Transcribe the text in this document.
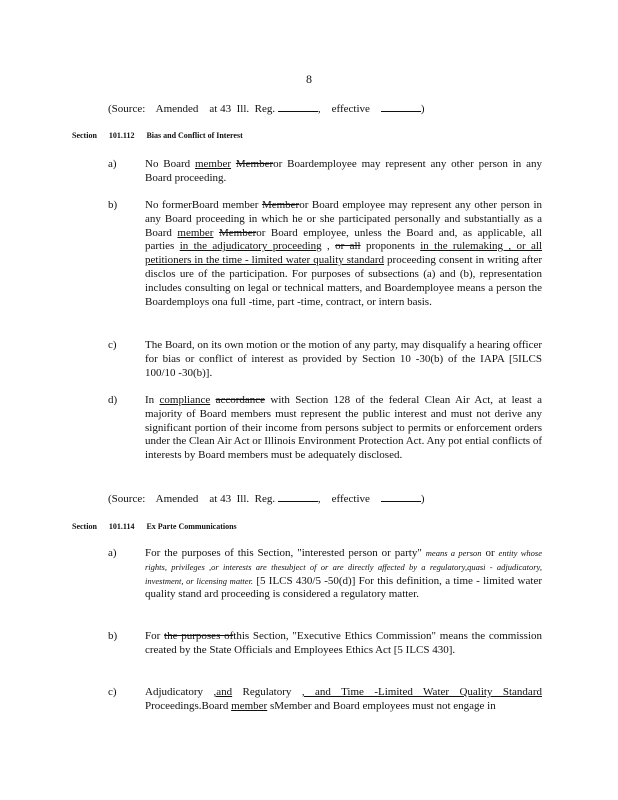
8
(Source:    Amended    at 43  Ill.  Reg.	, effective	)
Section 101.112 Bias and Conflict of Interest
a)	No Board member Memberor Boardemployee may represent any other person in any Board proceeding.
b)	No formerBoard member Memberor Board employee may represent any other person in any Board proceeding in which he or she participated personally and substantially as a Board member Memberor Board employee, unless the Board and, as applicable, all parties in the adjudicatory proceeding , or all proponents in the rulemaking , or all petitioners in the time - limited water quality standard proceeding consent in writing after disclos ure of the participation. For purposes of subsections (a) and (b), representation includes consulting on legal or technical matters, and Boardemployee means a person the Boardemploys ona full -time, part -time, contract, or intern basis.
c)	The Board, on its own motion or the motion of any party, may disqualify a hearing officer for bias or conflict of interest as provided by Section 10 -30(b) of the IAPA [5ILCS 100/10 -30(b)].
d)	In compliance accordance with Section 128 of the federal Clean Air Act, at least a majority of Board members must represent the public interest and must not derive any significant portion of their income from persons subject to permits or enforcement orders under the Clean Air Act or Illinois Environment Protection Act. Any pot ential conflicts of interests by Board members must be adequately disclosed.
(Source:    Amended    at 43  Ill.  Reg.	, effective	)
Section 101.114 Ex Parte Communications
a)	For the purposes of this Section, "interested person or party" means a person or entity whose rights, privileges ,or interests are thesubject of or are directly affected by a regulatory,quasi - adjudicatory, investment, or licensing matter. [5 ILCS 430/5 -50(d)] For this definition, a time - limited water quality stand ard proceeding is considered a regulatory matter.
b)	For the purposes ofthis Section, "Executive Ethics Commission" means the commission created by the State Officials and Employees Ethics Act [5 ILCS 430].
c)	Adjudicatory ,and Regulatory , and Time -Limited Water Quality Standard Proceedings.Board member sMember and Board employees must not engage in
